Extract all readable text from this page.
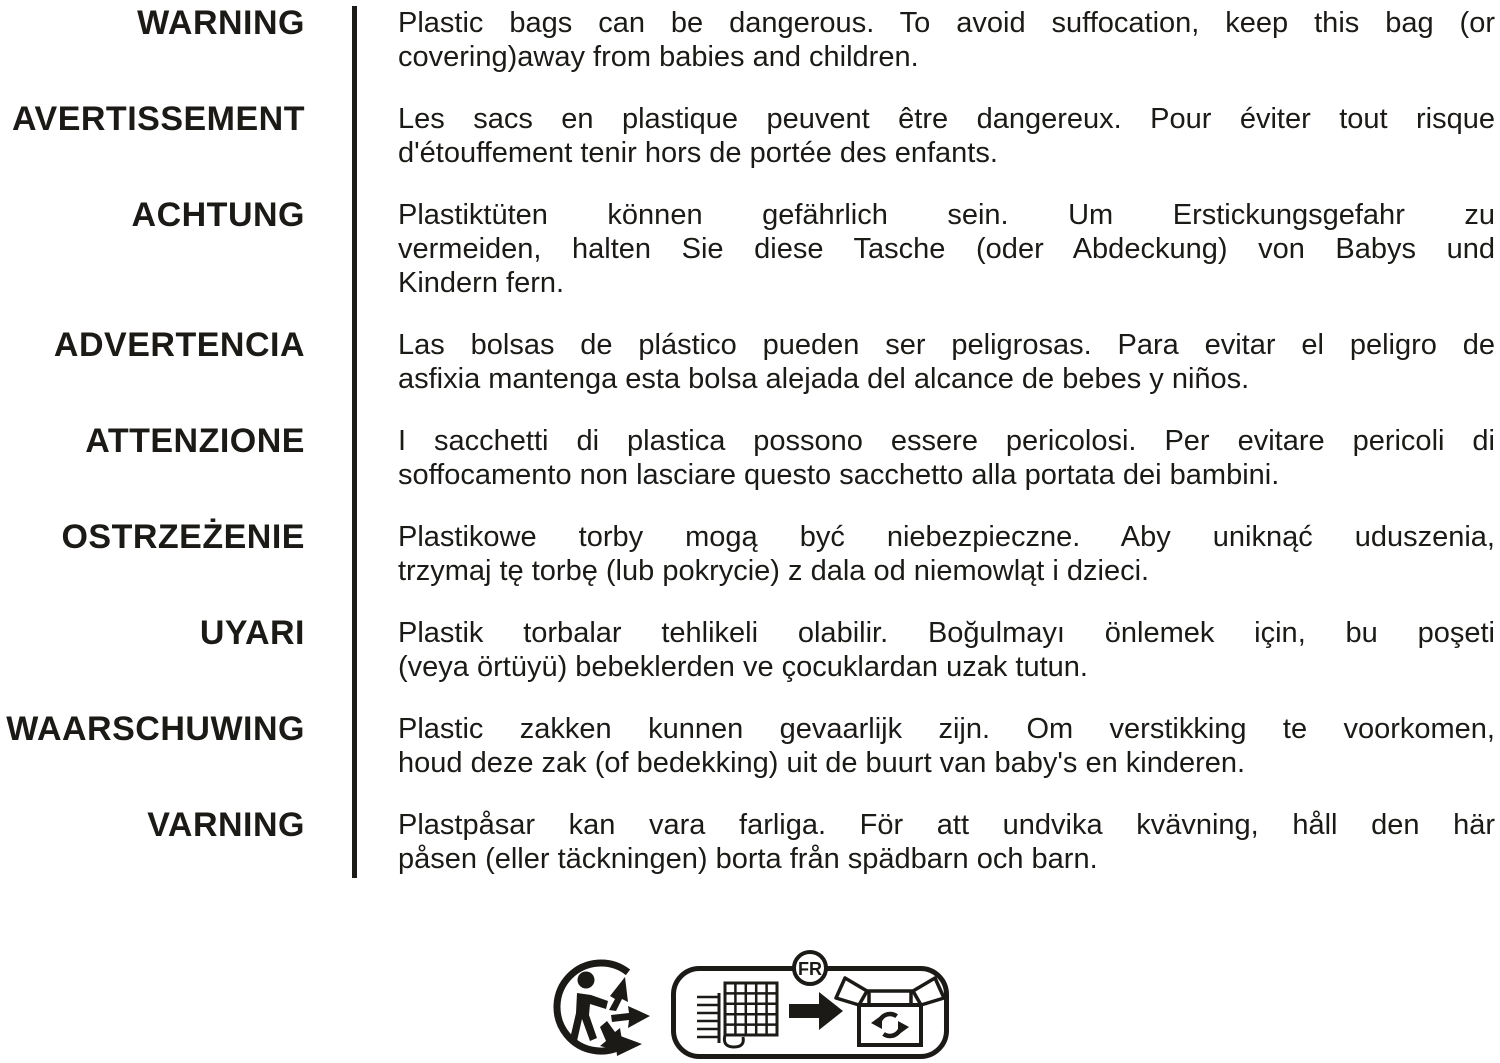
WARNING	Plastic bags can be dangerous. To avoid suffocation, keep this bag (or
covering)away from babies and children.
AVERTISSEMENT	Les sacs en plastique peuvent être dangereux. Pour éviter tout risque
d'étouffement tenir hors de portée des enfants.
ACHTUNG	Plastiktüten können gefährlich sein. Um Erstickungsgefahr zu
vermeiden, halten Sie diese Tasche (oder Abdeckung) von Babys und
Kindern fern.
ADVERTENCIA	Las bolsas de plástico pueden ser peligrosas. Para evitar el peligro de
asfixia mantenga esta bolsa alejada del alcance de bebes y niños.
ATTENZIONE	I sacchetti di plastica possono essere pericolosi. Per evitare pericoli di
soffocamento non lasciare questo sacchetto alla portata dei bambini.
OSTRZEŻENIE	Plastikowe torby mogą być niebezpieczne. Aby uniknąć uduszenia,
trzymaj tę torbę (lub pokrycie) z dala od niemowląt i dzieci.
UYARI	Plastik torbalar tehlikeli olabilir. Boğulmayı önlemek için, bu poşeti
(veya örtüyü) bebeklerden ve çocuklardan uzak tutun.
WAARSCHUWING	Plastic zakken kunnen gevaarlijk zijn. Om verstikking te voorkomen,
houd deze zak (of bedekking) uit de buurt van baby's en kinderen.
VARNING	Plastpåsar kan vara farliga. För att undvika kvävning, håll den här
påsen (eller täckningen) borta från spädbarn och barn.
FR
